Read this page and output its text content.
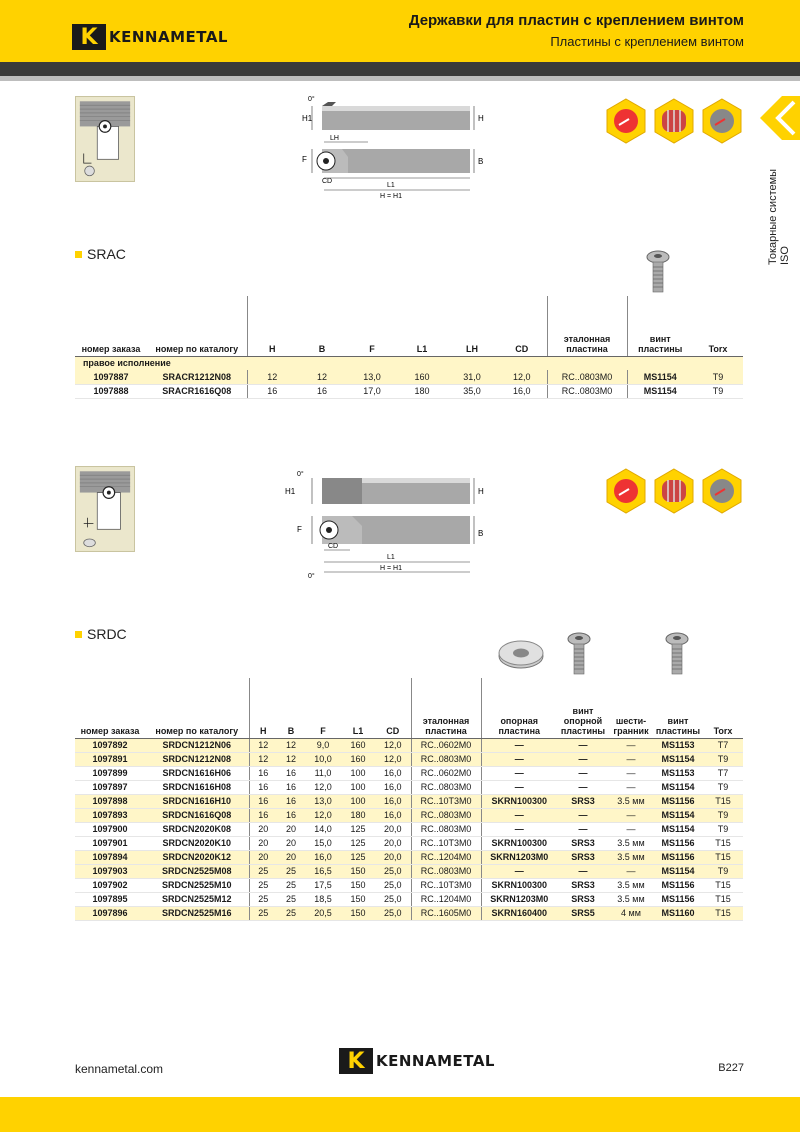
K KENNAMETAL
Державки для пластин с креплением винтом
Пластины с креплением винтом
Токарные системы ISO
H1	H
0°
LH
F	B
CD
L1
H = H1
SRAC
номер заказа	номер по каталогу	H	B	F	L1	LH	CD	эталонная пластина	винт пластины	Torx
правое исполнение										
1097887	SRACR1212N08	12	12	13,0	160	31,0	12,0	RC..0803M0	MS1154	T9
1097888	SRACR1616Q08	16	16	17,0	180	35,0	16,0	RC..0803M0	MS1154	T9
0°
H1	H
F	B
CD
L1
H = H1
0°
SRDC
номер заказа	номер по каталогу	H	B	F	L1	CD	эталонная пластина	опорная пластина	винт опорной пластины	шести-гранник	винт пластины	Torx
1097892	SRDCN1212N06	12	12	9,0	160	12,0	RC..0602M0	—	—	—	MS1153	T7
1097891	SRDCN1212N08	12	12	10,0	160	12,0	RC..0803M0	—	—	—	MS1154	T9
1097899	SRDCN1616H06	16	16	11,0	100	16,0	RC..0602M0	—	—	—	MS1153	T7
1097897	SRDCN1616H08	16	16	12,0	100	16,0	RC..0803M0	—	—	—	MS1154	T9
1097898	SRDCN1616H10	16	16	13,0	100	16,0	RC..10T3M0	SKRN100300	SRS3	3.5 мм	MS1156	T15
1097893	SRDCN1616Q08	16	16	12,0	180	16,0	RC..0803M0	—	—	—	MS1154	T9
1097900	SRDCN2020K08	20	20	14,0	125	20,0	RC..0803M0	—	—	—	MS1154	T9
1097901	SRDCN2020K10	20	20	15,0	125	20,0	RC..10T3M0	SKRN100300	SRS3	3.5 мм	MS1156	T15
1097894	SRDCN2020K12	20	20	16,0	125	20,0	RC..1204M0	SKRN1203M0	SRS3	3.5 мм	MS1156	T15
1097903	SRDCN2525M08	25	25	16,5	150	25,0	RC..0803M0	—	—	—	MS1154	T9
1097902	SRDCN2525M10	25	25	17,5	150	25,0	RC..10T3M0	SKRN100300	SRS3	3.5 мм	MS1156	T15
1097895	SRDCN2525M12	25	25	18,5	150	25,0	RC..1204M0	SKRN1203M0	SRS3	3.5 мм	MS1156	T15
1097896	SRDCN2525M16	25	25	20,5	150	25,0	RC..1605M0	SKRN160400	SRS5	4 мм	MS1160	T15
kennametal.com	K KENNAMETAL	B227
